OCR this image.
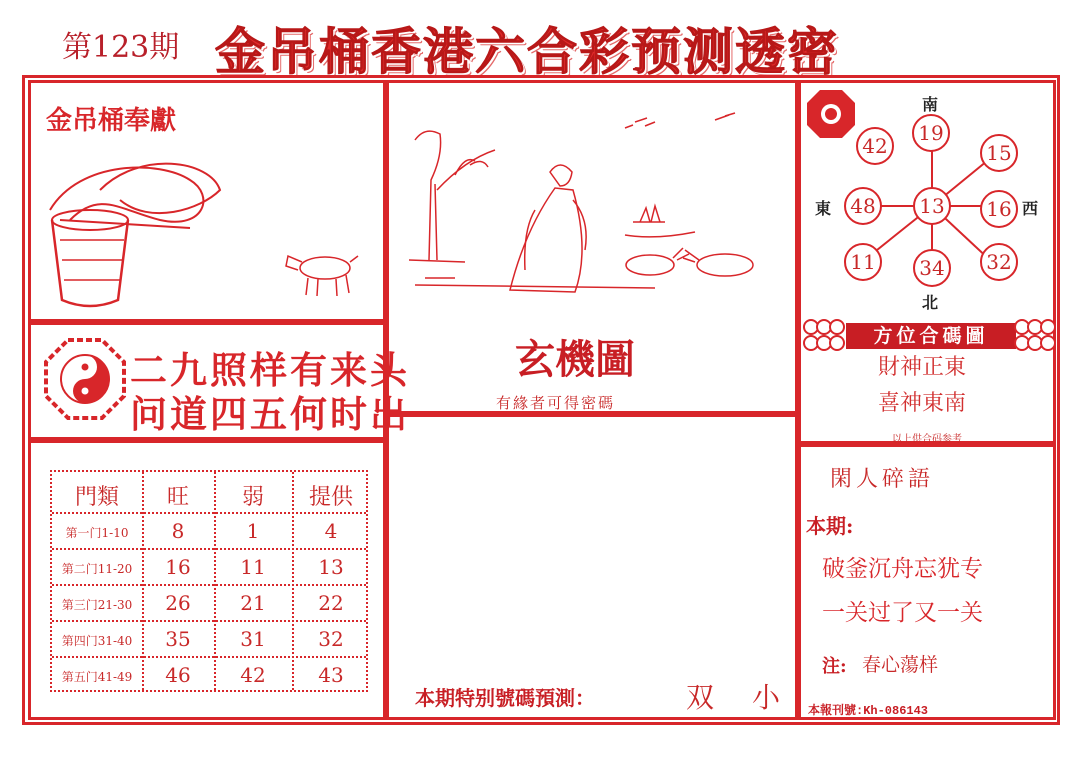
第123期 金吊桶香港六合彩预测透密
金吊桶奉獻
二九照样有来头
问道四五何时出
門類	旺	弱	提供
第一门1-10	8	1	4
第二门11-20	16	11	13
第三门21-30	26	21	22
第四门31-40	35	31	32
第五门41-49	46	42	43
玄機圖
有緣者可得密碼
本期特别號碼預測：	双 小
南
北
東	西
42
19
15
48	13	16
11	34	32
方位合碼圖
財神正東
喜神東南
以上供合码参考
閑人碎語
本期:
破釜沉舟忘犹专
一关过了又一关
注: 春心蕩样
本報刊號:Kh-086143
